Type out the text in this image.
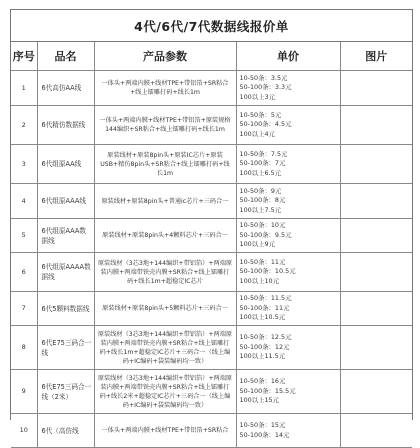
4代/6代/7代数据线报价单
序号	品名	产品参数	单价	图片
1	6代高仿AA线	一体头+两端内膜+线材TPE+带铝箔+SR粘合+线上镭雕打码+线长1m	10-50条：3.5元
50-100条：3.3元
100以上3元	

2	6代精仿数据线	一体头+两端内膜+线材TPE+带铝箔+原装规格144编织+SR粘合+线上镭雕打码+线长1m	10-50条：5元
50-100条：4.5元
100以上4元	

3	6代组原AA线	原装线材+原装8pin头+原装IC芯片+原装USB+精仿8pin头+SR粘合+线上镭雕打码+线长1m	10-50条：7.5元
50-100条：7元
100以上6.5元	

4	6代组原AAA线	原装线材+原装8pin头+普通ic芯片+三码合一	10-50条：9元
50-100条：8元
100以上7.5元	

5	6代组原AAA数据线	原装线材+原装8pin头+4颗料芯片+三码合一	10-50条：10元
50-100条：9.5元
100以上9元	

6	6代组原AAAA数据线	原装线材（3芯3地+144编织+带铝箔）+两端原装内膜+两端带铁壳内膜+SR粘合+线上镭雕打码+线长1m+超稳定IC芯片	10-50条：11元
50-100条：10.5元
100以上10元	

7	6代5颗料数据线	原装线材+原装8pin头+5颗料芯片+三码合一	10-50条：11.5元
50-100条：11元
100以上10.5元	

8	6代E75三码合一线	原装线材（3芯3地+144编织+带铝箔）+两端原装内膜+两端带铁壳内膜+SR粘合+线上镭雕打码+线长1m+超稳定IC芯片+三码合一（线上编码+IC编码+袋装编码均一致）	10-50条：12.5元
50-100条：12元
100以上11.5元	

9	6代E75三码合一线（2米）	原装线材（3芯3地+144编织+带铝箔）+两端原装内膜+两端带铁壳内膜+SR粘合+线上镭雕打码+线长2米+超稳定IC芯片+三码合一（线上编码+IC编码+袋装编码均一致）	10-50条：16元
50-100条：15.5元
100以上15元	

10	6代（高仿线	一体头+两端内膜+线材TPE+带铝箔+SR粘合	10-50条：15元
50-100条：14元	
